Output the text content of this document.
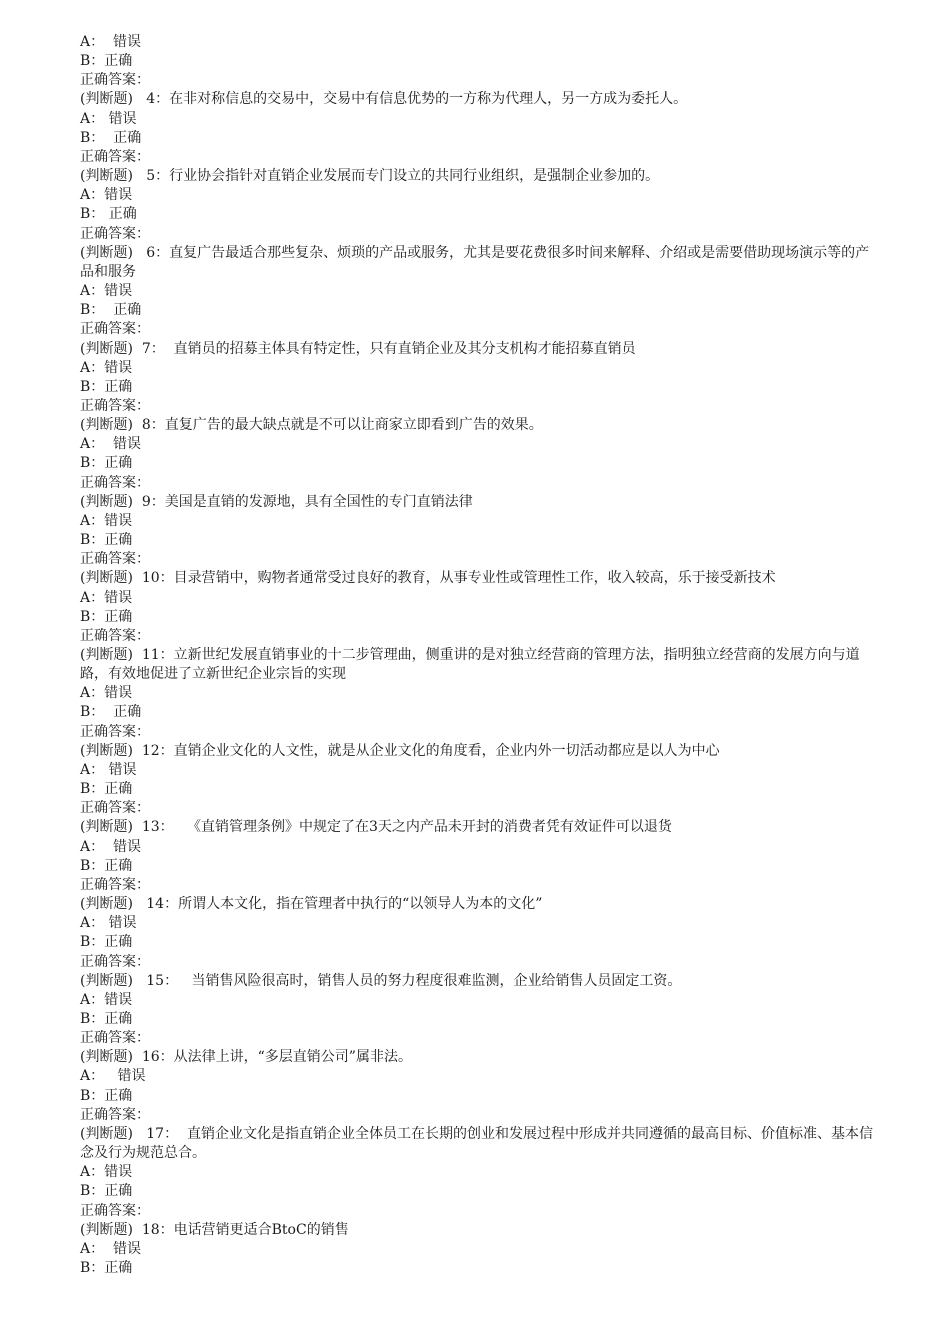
A：  错误

B：正确

正确答案：

(判断题)   4：在非对称信息的交易中，交易中有信息优势的一方称为代理人，另一方成为委托人。

A： 错误

B：  正确

正确答案：

(判断题)   5：行业协会指针对直销企业发展而专门设立的共同行业组织，是强制企业参加的。

A：错误

B： 正确

正确答案：

(判断题)   6：直复广告最适合那些复杂、烦琐的产品或服务，尤其是要花费很多时间来解释、介绍或是需要借助现场演示等的产品和服务

A：错误

B：  正确

正确答案：

(判断题)  7：  直销员的招募主体具有特定性，只有直销企业及其分支机构才能招募直销员

A：错误

B：正确

正确答案：

(判断题)  8：直复广告的最大缺点就是不可以让商家立即看到广告的效果。

A：  错误

B：正确

正确答案：

(判断题)  9：美国是直销的发源地，具有全国性的专门直销法律

A：错误

B：正确

正确答案：

(判断题)  10：目录营销中，购物者通常受过良好的教育，从事专业性或管理性工作，收入较高，乐于接受新技术

A：错误

B：正确

正确答案：

(判断题)  11：立新世纪发展直销事业的十二步管理曲，侧重讲的是对独立经营商的管理方法，指明独立经营商的发展方向与道路，有效地促进了立新世纪企业宗旨的实现

A：错误

B：  正确

正确答案：

(判断题)  12：直销企业文化的人文性，就是从企业文化的角度看，企业内外一切活动都应是以人为中心

A： 错误

B：正确

正确答案：

(判断题)  13：   《直销管理条例》中规定了在3天之内产品未开封的消费者凭有效证件可以退货

A：  错误

B：正确

正确答案：

(判断题)   14：所谓人本文化，指在管理者中执行的“以领导人为本的文化”

A： 错误

B：正确

正确答案：

(判断题)   15：   当销售风险很高时，销售人员的努力程度很难监测，企业给销售人员固定工资。

A：错误

B：正确

正确答案：

(判断题)  16：从法律上讲，“多层直销公司”属非法。

A：   错误

B：正确

正确答案：

(判断题)   17：  直销企业文化是指直销企业全体员工在长期的创业和发展过程中形成并共同遵循的最高目标、价值标准、基本信念及行为规范总合。

A：错误

B：正确

正确答案：

(判断题)  18：电话营销更适合BtoC的销售

A：  错误

B：正确
